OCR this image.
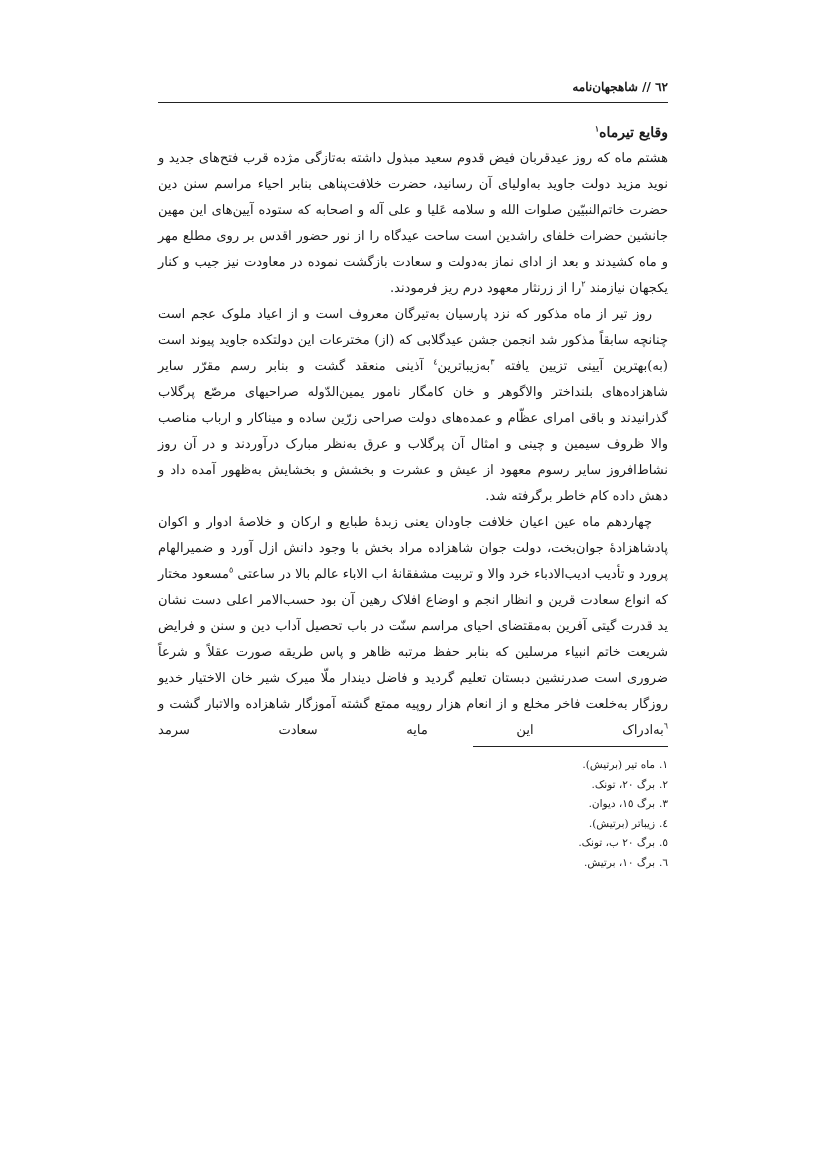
٦٢ // شاهجهان‌نامه
وقایع تیرماه$^١$

هشتم ماه که روز عیدقربان فیض قدوم سعید مبذول داشته به‌تازگی مژده قرب فتح‌های جدید و نوید مزید دولت جاوید به‌اولیای آن رسانید، حضرت خلافت‌پناهی بنابر احیاء مراسم سنن دین حضرت خاتم‌النبیّین صلوات الله و سلامه عَلیا و علی آله و اصحابه که ستوده آیین‌های این مهین جانشین حضرات خلفای راشدین است ساحت عیدگاه را از نور حضور اقدس بر روی مطلع مهر و ماه کشیدند و بعد از ادای نماز به‌دولت و سعادت بازگشت نموده در معاودت نیز جیب و کنار یکجهان نیازمند $^٢$را از زرنثار معهود درم ریز فرمودند.

روز تیر از ماه مذکور که نزد پارسیان به‌تیرگان معروف است و از اعیاد ملوک عجم است چنانچه سابقاً مذکور شد انجمن جشن عیدگلابی که (از) مخترعات این دولتکده جاوید پیوند است (به)بهترین آیینی تزیین یافته $^٣$به‌زیباترین$^٤$ آذینی منعقد گشت و بنابر رسم مقرّر سایر شاهزاده‌های بلنداختر والاگوهر و خان کامگار نامور یمین‌الدّوله صراحیهای مرصّع پرگلاب گذرانیدند و باقی امرای عظّام و عمده‌های دولت صراحی زرّین ساده و میناکار و ارباب مناصب والا ظروف سیمین و چینی و امثال آن پرگلاب و عرق به‌نظر مبارک درآوردند و در آن روز نشاط‌افروز سایر رسوم معهود از عیش و عشرت و بخشش و بخشایش به‌ظهور آمده داد و دهش داده کام خاطر برگرفته شد.

چهاردهم ماه عین اعیان خلافت جاودان یعنی زبدهٔ طبایع و ارکان و خلاصهٔ ادوار و اکوان پادشاهزادهٔ جوان‌بخت، دولت جوان شاهزاده مراد بخش با وجود دانش ازل آورد و ضمیرالهام پرورد و تأدیب ادیب‌الادباء خرد والا و تربیت مشفقانهٔ اب الاباء عالم بالا در ساعتی $^٥$مسعود مختار که انواع سعادت قرین و انظار انجم و اوضاع افلاک رهین آن بود حسب‌الامر اعلی دست نشان ید قدرت گیتی آفرین به‌مقتضای احیای مراسم سنّت در باب تحصیل آداب دین و سنن و فرایض شریعت خاتم انبیاء مرسلین که بنابر حفظ مرتبه ظاهر و پاس طریقه صورت عقلاً و شرعاً ضروری است صدرنشین دبستان تعلیم گردید و فاضل دیندار ملّا میرک شیر خان الاختیار خدیو روزگار به‌خلعت فاخر مخلع و از انعام هزار روپیه ممتع گشته آموزگار شاهزاده والاتبار گشت و $^٦$به‌ادراک این مایه سعادت سرمد

١.ماه تیر (برتیش).
٢.برگ ٢٠، تونک.
٣.برگ ١٥، دیوان.
٤.زیباتر (برتیش).
٥.برگ ٢٠ ب، تونک.
٦.برگ ١٠، برتیش.
